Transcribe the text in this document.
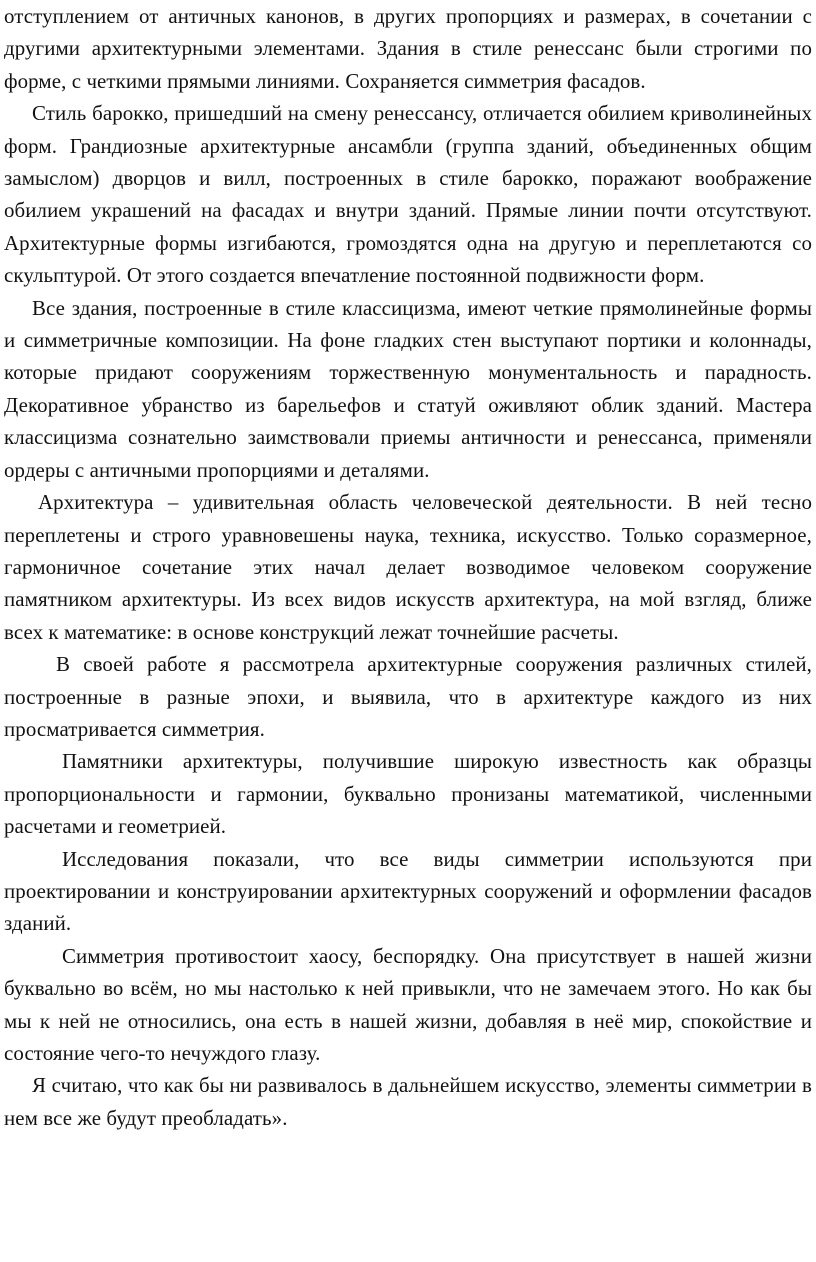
отступлением от античных канонов, в других пропорциях и размерах, в сочетании с другими архитектурными элементами. Здания в стиле ренессанс были строгими по форме, с четкими прямыми линиями. Сохраняется симметрия фасадов.

Стиль барокко, пришедший на смену ренессансу, отличается обилием криволинейных форм. Грандиозные архитектурные ансамбли (группа зданий, объединенных общим замыслом) дворцов и вилл, построенных в стиле барокко, поражают воображение обилием украшений на фасадах и внутри зданий. Прямые линии почти отсутствуют. Архитектурные формы изгибаются, громоздятся одна на другую и переплетаются со скульптурой. От этого создается впечатление постоянной подвижности форм.

Все здания, построенные в стиле классицизма, имеют четкие прямолинейные формы и симметричные композиции. На фоне гладких стен выступают портики и колоннады, которые придают сооружениям торжественную монументальность и парадность. Декоративное убранство из барельефов и статуй оживляют облик зданий. Мастера классицизма сознательно заимствовали приемы античности и ренессанса, применяли ордеры с античными пропорциями и деталями.

Архитектура – удивительная область человеческой деятельности. В ней тесно переплетены и строго уравновешены наука, техника, искусство. Только соразмерное, гармоничное сочетание этих начал делает возводимое человеком сооружение памятником архитектуры. Из всех видов искусств архитектура, на мой взгляд, ближе всех к математике: в основе конструкций лежат точнейшие расчеты.

В своей работе я рассмотрела архитектурные сооружения различных стилей, построенные в разные эпохи, и выявила, что в архитектуре каждого из них просматривается симметрия.

Памятники архитектуры, получившие широкую известность как образцы пропорциональности и гармонии, буквально пронизаны математикой, численными расчетами и геометрией.

Исследования показали, что все виды симметрии используются при проектировании и конструировании архитектурных сооружений и оформлении фасадов зданий.

Симметрия противостоит хаосу, беспорядку. Она присутствует в нашей жизни буквально во всём, но мы настолько к ней привыкли, что не замечаем этого. Но как бы мы к ней не относились, она есть в нашей жизни, добавляя в неё мир, спокойствие и состояние чего-то нечуждого глазу.

Я считаю, что как бы ни развивалось в дальнейшем искусство, элементы симметрии в нем все же будут преобладать».
